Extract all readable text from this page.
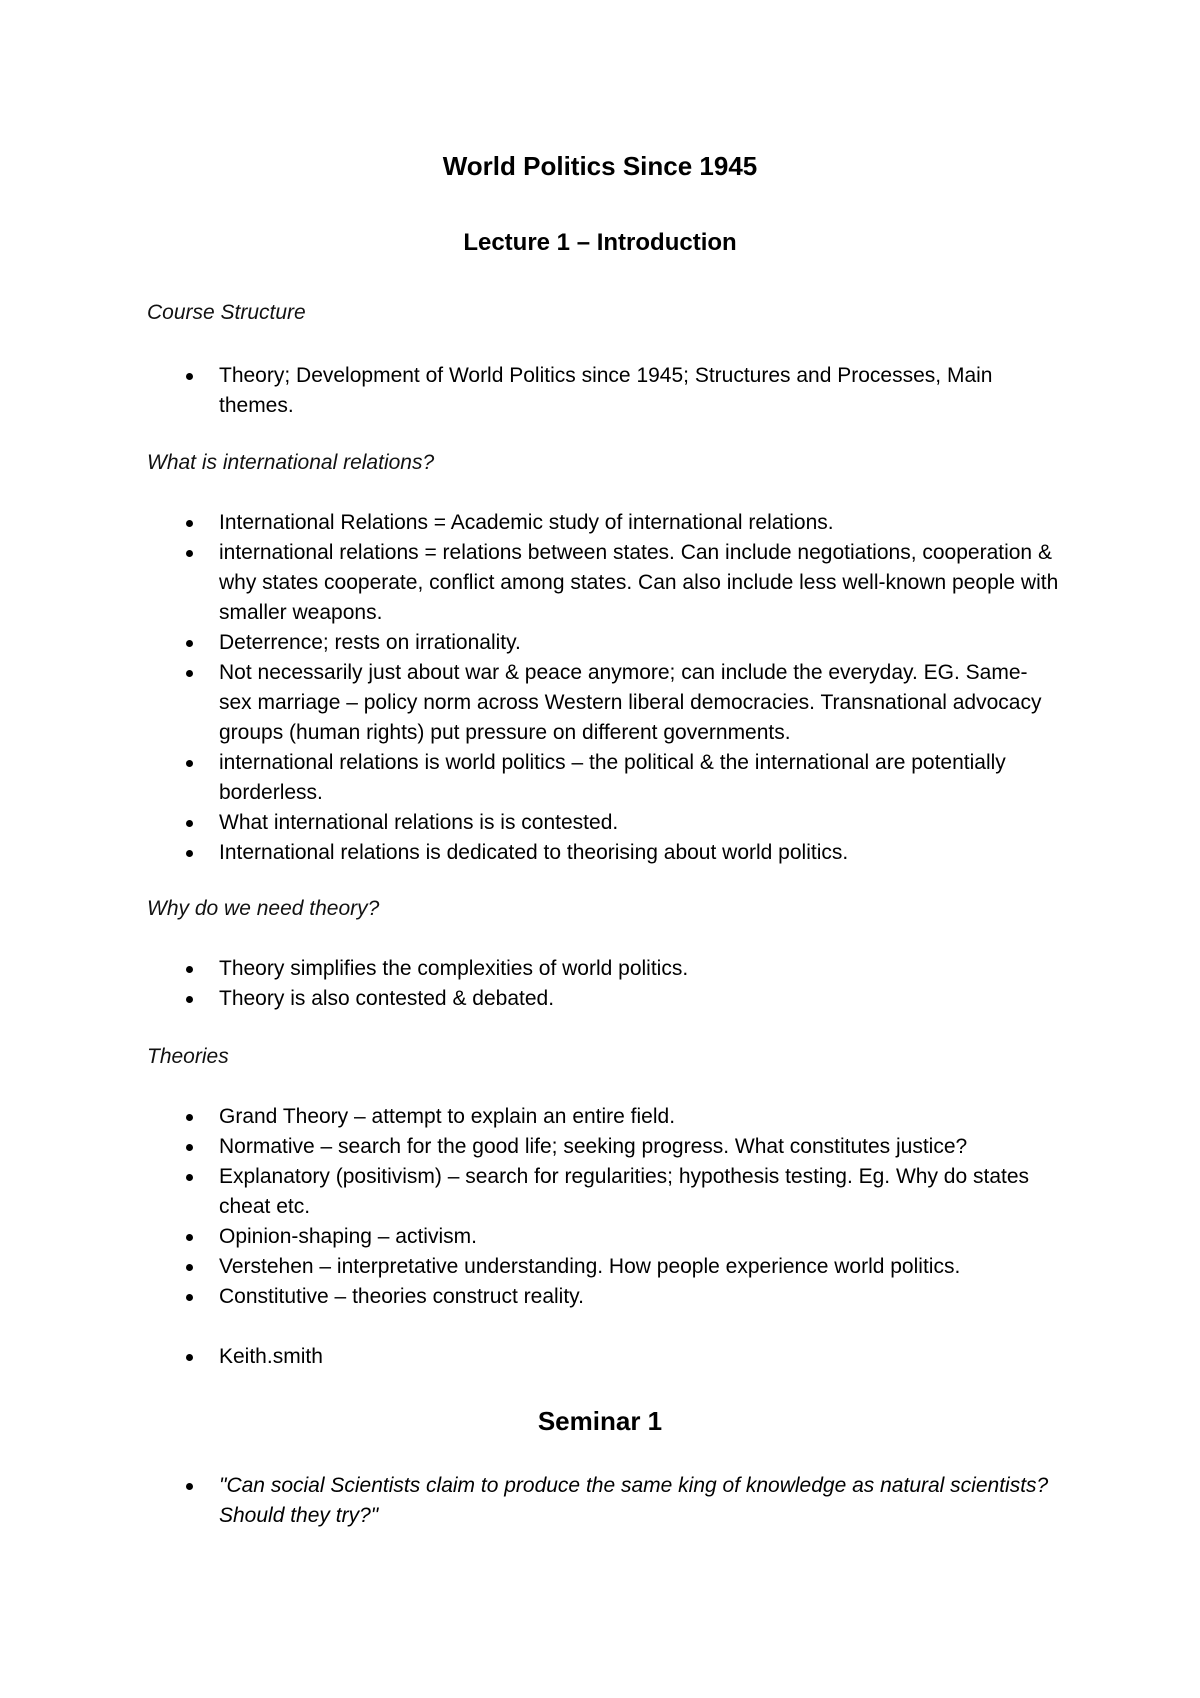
World Politics Since 1945
Lecture 1 – Introduction
Course Structure
Theory; Development of World Politics since 1945; Structures and Processes, Main themes.
What is international relations?
International Relations = Academic study of international relations.
international relations = relations between states. Can include negotiations, cooperation & why states cooperate, conflict among states. Can also include less well-known people with smaller weapons.
Deterrence; rests on irrationality.
Not necessarily just about war & peace anymore; can include the everyday. EG. Same-sex marriage – policy norm across Western liberal democracies. Transnational advocacy groups (human rights) put pressure on different governments.
international relations is world politics – the political & the international are potentially borderless.
What international relations is is contested.
International relations is dedicated to theorising about world politics.
Why do we need theory?
Theory simplifies the complexities of world politics.
Theory is also contested & debated.
Theories
Grand Theory – attempt to explain an entire field.
Normative – search for the good life; seeking progress. What constitutes justice?
Explanatory (positivism) – search for regularities; hypothesis testing. Eg. Why do states cheat etc.
Opinion-shaping – activism.
Verstehen – interpretative understanding. How people experience world politics.
Constitutive – theories construct reality.
Keith.smith
Seminar 1
"Can social Scientists claim to produce the same king of knowledge as natural scientists? Should they try?"
